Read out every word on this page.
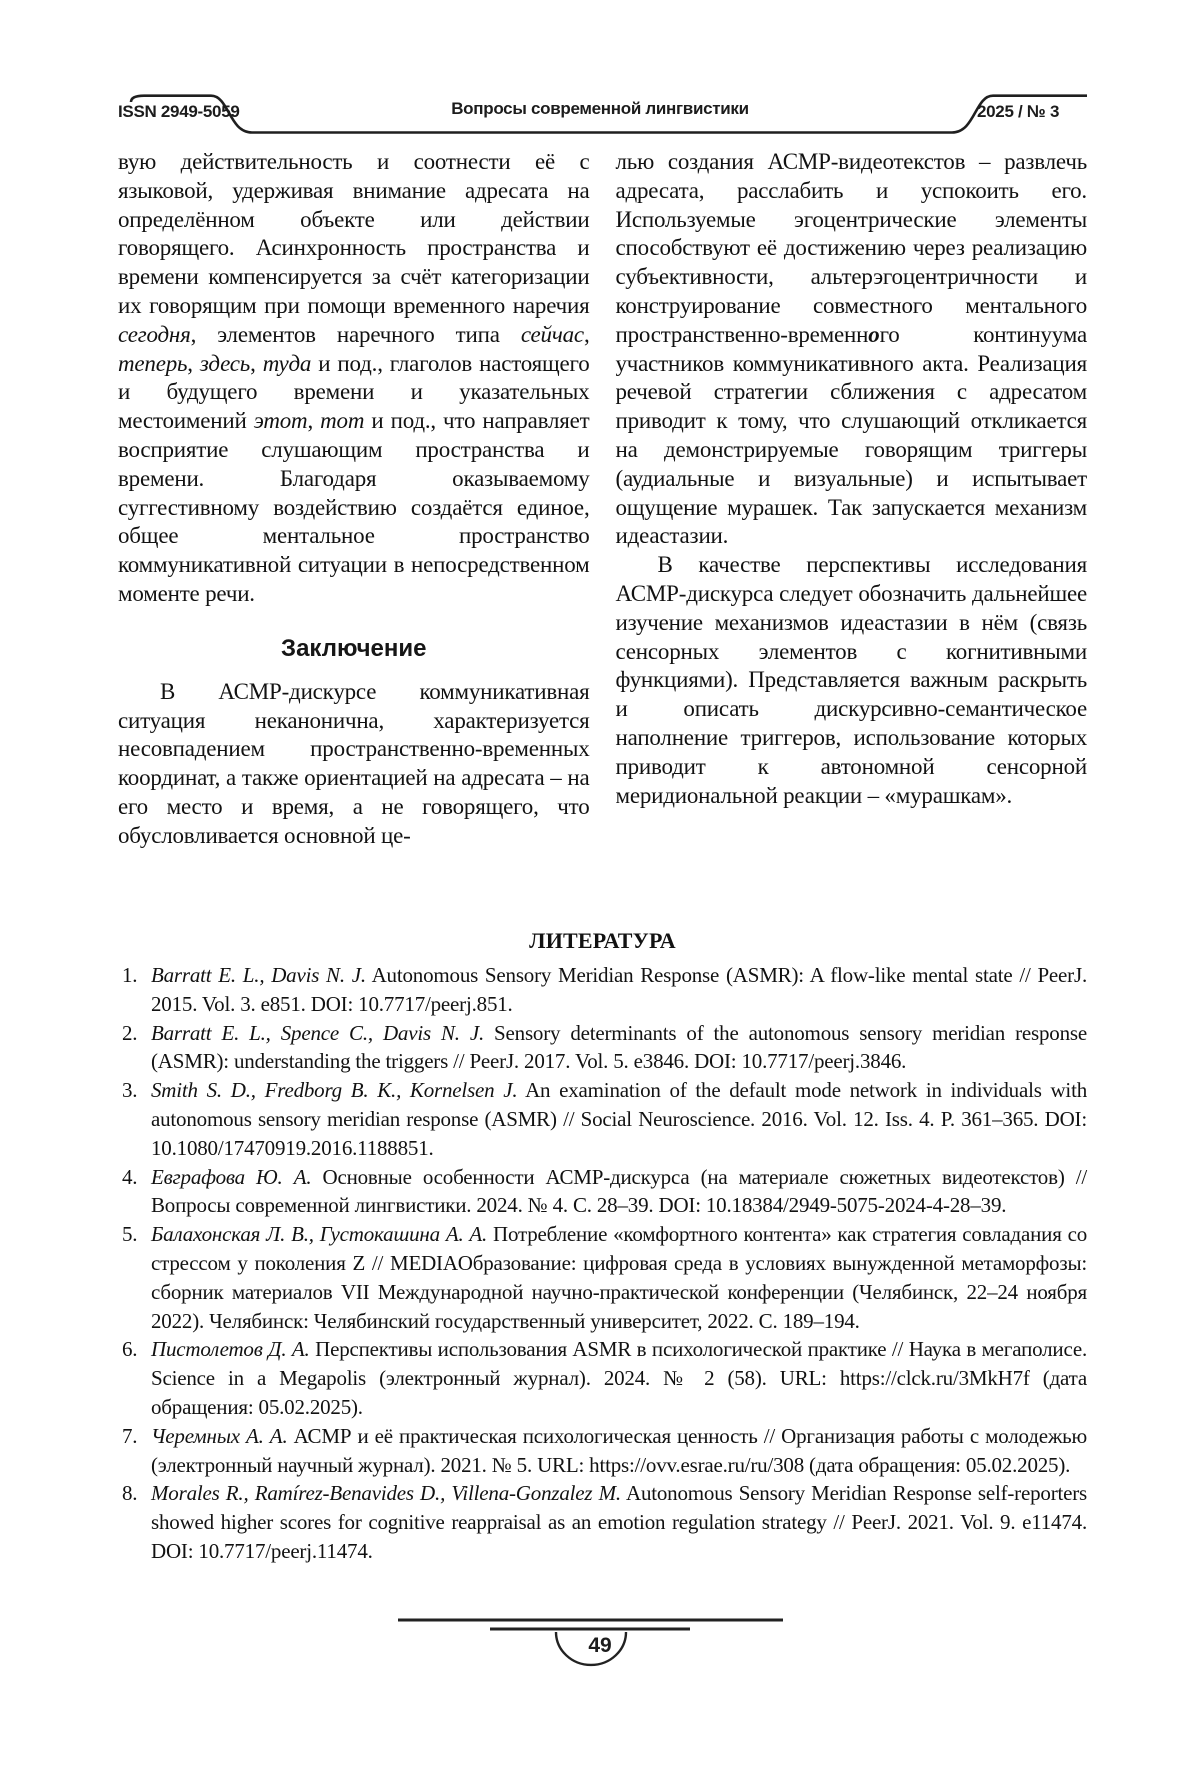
ISSN 2949-5059	Вопросы современной лингвистики	2025 / № 3

вую действительность и соотнести её с языковой, удерживая внимание адресата на определённом объекте или действии говорящего. Асинхронность пространства и времени компенсируется за счёт категоризации их говорящим при помощи временного наречия сегодня, элементов наречного типа сейчас, теперь, здесь, туда и под., глаголов настоящего и будущего времени и указательных местоимений этот, тот и под., что направляет восприятие слушающим пространства и времени. Благодаря оказываемому суггестивному воздействию создаётся единое, общее ментальное пространство коммуникативной ситуации в непосредственном моменте речи.

Заключение

В АСМР-дискурсе коммуникативная ситуация неканонична, характеризуется несовпадением пространственно-временных координат, а также ориентацией на адресата – на его место и время, а не говорящего, что обусловливается основной це-

лью создания АСМР-видеотекстов – развлечь адресата, расслабить и успокоить его. Используемые эгоцентрические элементы способствуют её достижению через реализацию субъективности, альтерэгоцентричности и конструирование совместного ментального пространственно-временного континуума участников коммуникативного акта. Реализация речевой стратегии сближения с адресатом приводит к тому, что слушающий откликается на демонстрируемые говорящим триггеры (аудиальные и визуальные) и испытывает ощущение мурашек. Так запускается механизм идеастазии.

В качестве перспективы исследования АСМР-дискурса следует обозначить дальнейшее изучение механизмов идеастазии в нём (связь сенсорных элементов с когнитивными функциями). Представляется важным раскрыть и описать дискурсивно-семантическое наполнение триггеров, использование которых приводит к автономной сенсорной меридиональной реакции – «мурашкам».

ЛИТЕРАТУРА
1. Barratt E. L., Davis N. J. Autonomous Sensory Meridian Response (ASMR): A flow-like mental state // PeerJ. 2015. Vol. 3. e851. DOI: 10.7717/peerj.851.
2. Barratt E. L., Spence C., Davis N. J. Sensory determinants of the autonomous sensory meridian response (ASMR): understanding the triggers // PeerJ. 2017. Vol. 5. e3846. DOI: 10.7717/peerj.3846.
3. Smith S. D., Fredborg B. K., Kornelsen J. An examination of the default mode network in individuals with autonomous sensory meridian response (ASMR) // Social Neuroscience. 2016. Vol. 12. Iss. 4. P. 361–365. DOI: 10.1080/17470919.2016.1188851.
4. Евграфова Ю. А. Основные особенности АСМР-дискурса (на материале сюжетных видеотекстов) // Вопросы современной лингвистики. 2024. № 4. С. 28–39. DOI: 10.18384/2949-5075-2024-4-28–39.
5. Балахонская Л. В., Густокашина А. А. Потребление «комфортного контента» как стратегия совладания со стрессом у поколения Z // MEDIAОбразование: цифровая среда в условиях вынужденной метаморфозы: сборник материалов VII Международной научно-практической конференции (Челябинск, 22–24 ноября 2022). Челябинск: Челябинский государственный университет, 2022. С. 189–194.
6. Пистолетов Д. А. Перспективы использования ASMR в психологической практике // Наука в мегаполисе. Science in a Megapolis (электронный журнал). 2024. № 2 (58). URL: https://clck.ru/3MkH7f (дата обращения: 05.02.2025).
7. Черемных А. А. АСМР и её практическая психологическая ценность // Организация работы с молодежью (электронный научный журнал). 2021. № 5. URL: https://ovv.esrae.ru/ru/308 (дата обращения: 05.02.2025).
8. Morales R., Ramírez-Benavides D., Villena-Gonzalez M. Autonomous Sensory Meridian Response self-reporters showed higher scores for cognitive reappraisal as an emotion regulation strategy // PeerJ. 2021. Vol. 9. e11474. DOI: 10.7717/peerj.11474.
49
